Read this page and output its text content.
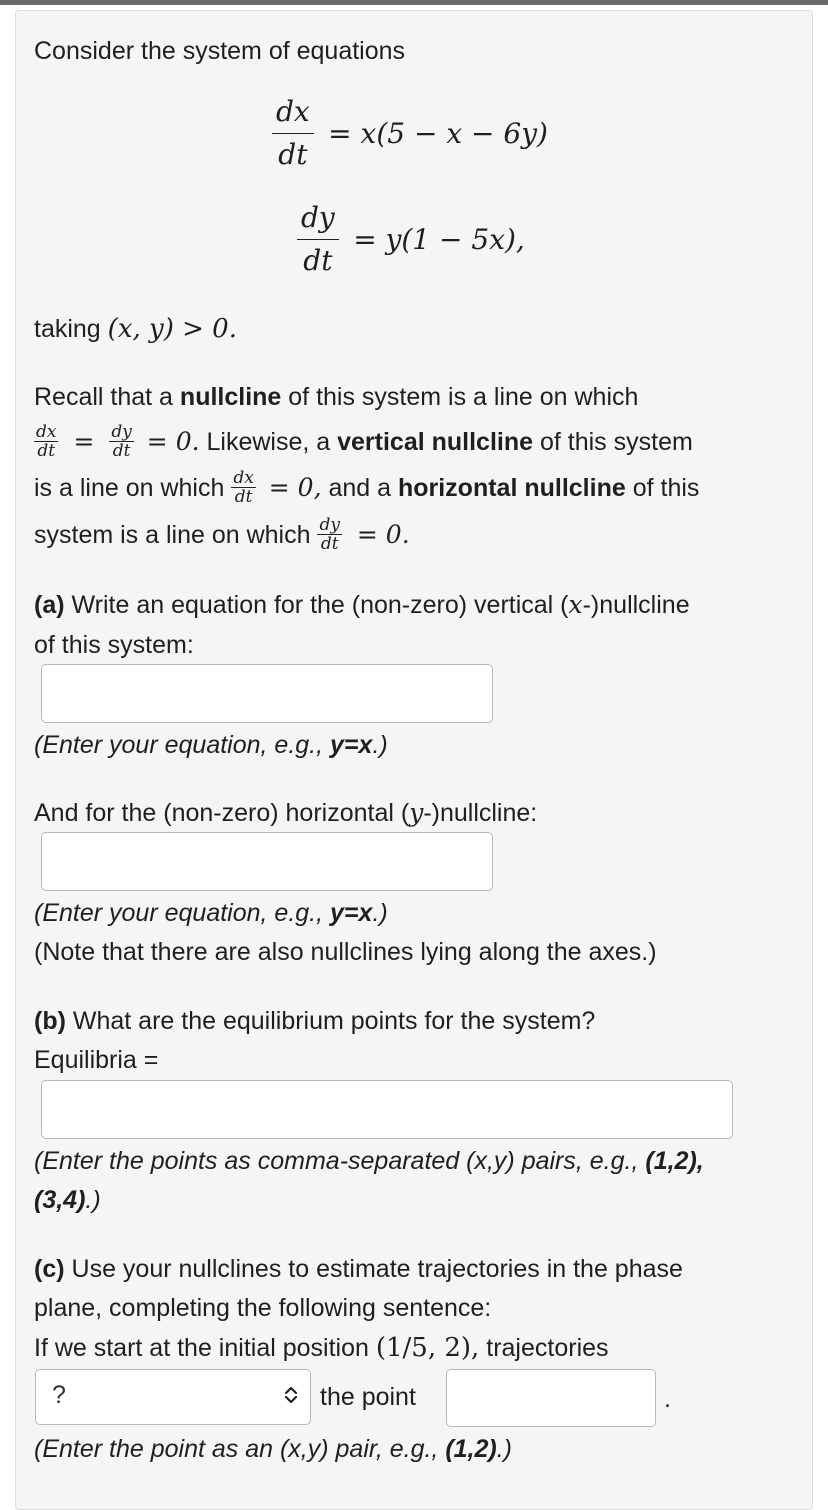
Consider the system of equations
$\frac{dx}{dt} = x(5 - x - 6y)$
$\frac{dy}{dt} = y(1 - 5x)$,
taking (x, y) > 0.
Recall that a nullcline of this system is a line on which
$\frac{dx}{dt} = \frac{dy}{dt} = 0$. Likewise, a vertical nullcline of this system
is a line on which $\frac{dx}{dt} = 0$, and a horizontal nullcline of this
system is a line on which $\frac{dy}{dt} = 0$.
(a) Write an equation for the (non-zero) vertical (x-)nullcline
of this system:
(Enter your equation, e.g., y=x.)
And for the (non-zero) horizontal (y-)nullcline:
(Enter your equation, e.g., y=x.)
(Note that there are also nullclines lying along the axes.)
(b) What are the equilibrium points for the system?
Equilibria =
(Enter the points as comma-separated (x,y) pairs, e.g., (1,2),
(3,4).)
(c) Use your nullclines to estimate trajectories in the phase
plane, completing the following sentence:
If we start at the initial position (1/5, 2), trajectories
?	the point	.
(Enter the point as an (x,y) pair, e.g., (1,2).)
